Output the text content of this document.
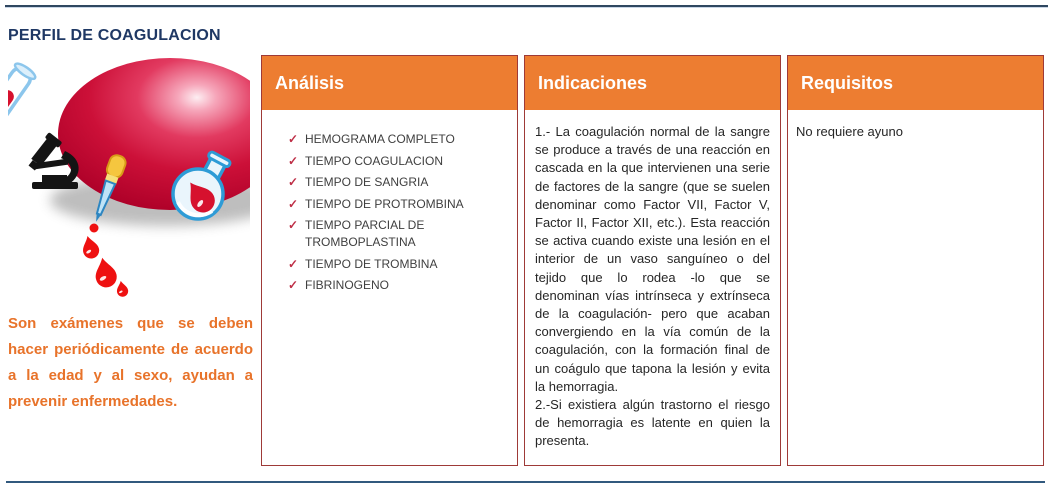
PERFIL DE COAGULACION

Son exámenes que se deben hacer periódicamente de acuerdo a la edad y al sexo, ayudan a prevenir enfermedades.

Análisis
✓ HEMOGRAMA COMPLETO
✓ TIEMPO COAGULACION
✓ TIEMPO DE SANGRIA
✓ TIEMPO DE PROTROMBINA
✓ TIEMPO PARCIAL DE TROMBOPLASTINA
✓ TIEMPO DE TROMBINA
✓ FIBRINOGENO
Indicaciones

1.- La coagulación normal de la sangre se produce a través de una reacción en cascada en la que intervienen una serie de factores de la sangre (que se suelen denominar como Factor VII, Factor V, Factor II, Factor XII, etc.). Esta reacción se activa cuando existe una lesión en el interior de un vaso sanguíneo o del tejido que lo rodea -lo que se denominan vías intrínseca y extrínseca de la coagulación- pero que acaban convergiendo en la vía común de la coagulación, con la formación final de un coágulo que tapona la lesión y evita la hemorragia.

2.-Si existiera algún trastorno el riesgo de hemorragia es latente en quien la presenta.

Requisitos
No requiere ayuno
